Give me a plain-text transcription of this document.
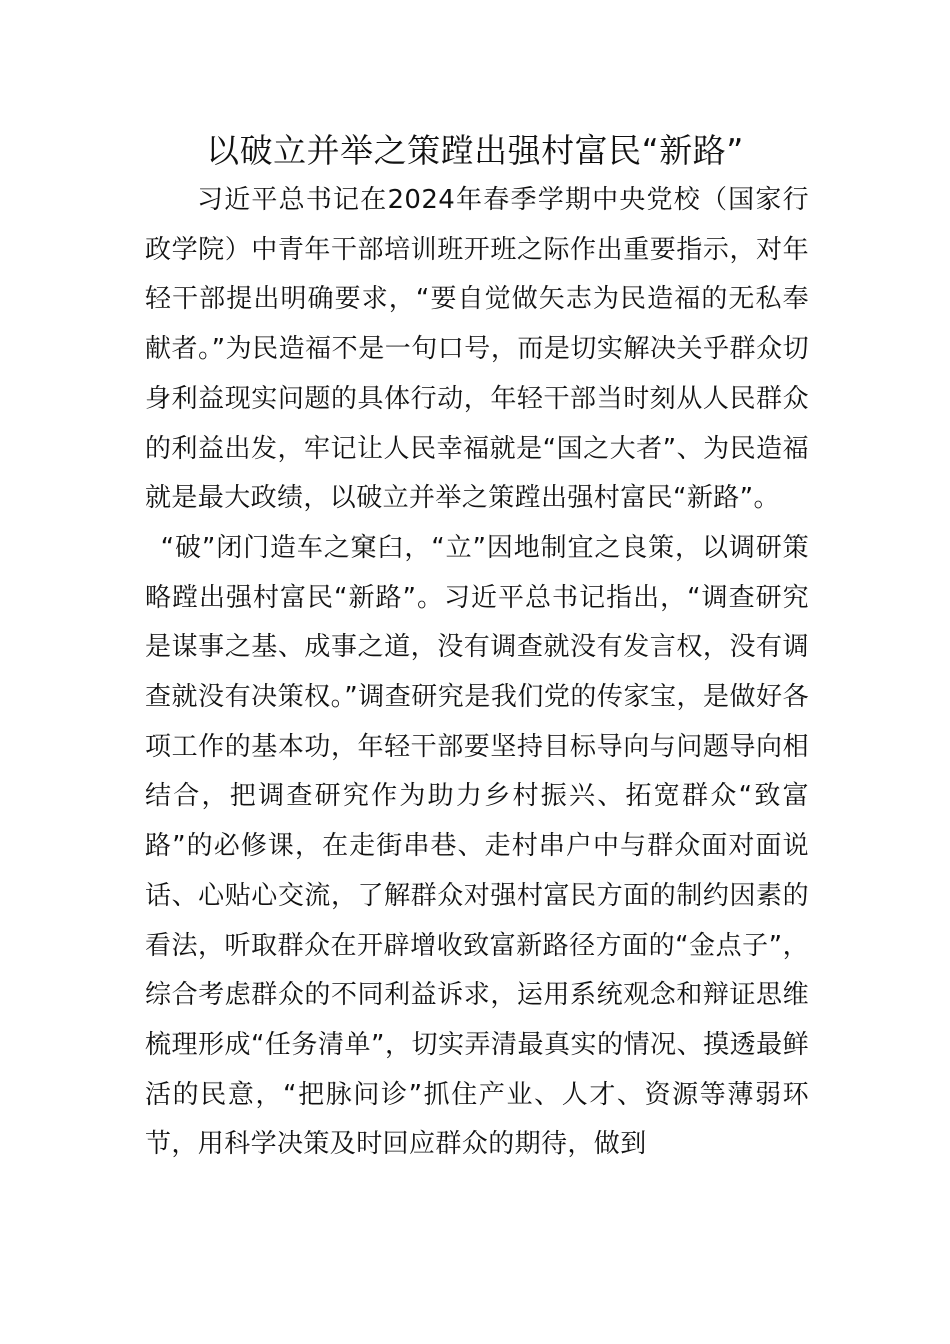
以破立并举之策蹚出强村富民“新路”

习近平总书记在2024年春季学期中央党校（国家行政学院）中青年干部培训班开班之际作出重要指示，对年轻干部提出明确要求，“要自觉做矢志为民造福的无私奉献者。”为民造福不是一句口号，而是切实解决关乎群众切身利益现实问题的具体行动，年轻干部当时刻从人民群众的利益出发，牢记让人民幸福就是“国之大者”、为民造福就是最大政绩，以破立并举之策蹚出强村富民“新路”。

“破”闭门造车之窠臼，“立”因地制宜之良策，以调研策略蹚出强村富民“新路”。习近平总书记指出，“调查研究是谋事之基、成事之道，没有调查就没有发言权，没有调查就没有决策权。”调查研究是我们党的传家宝，是做好各项工作的基本功，年轻干部要坚持目标导向与问题导向相结合，把调查研究作为助力乡村振兴、拓宽群众“致富路”的必修课，在走街串巷、走村串户中与群众面对面说话、心贴心交流，了解群众对强村富民方面的制约因素的看法，听取群众在开辟增收致富新路径方面的“金点子”，综合考虑群众的不同利益诉求，运用系统观念和辩证思维梳理形成“任务清单”，切实弄清最真实的情况、摸透最鲜活的民意，“把脉问诊”抓住产业、人才、资源等薄弱环节，用科学决策及时回应群众的期待，做到
